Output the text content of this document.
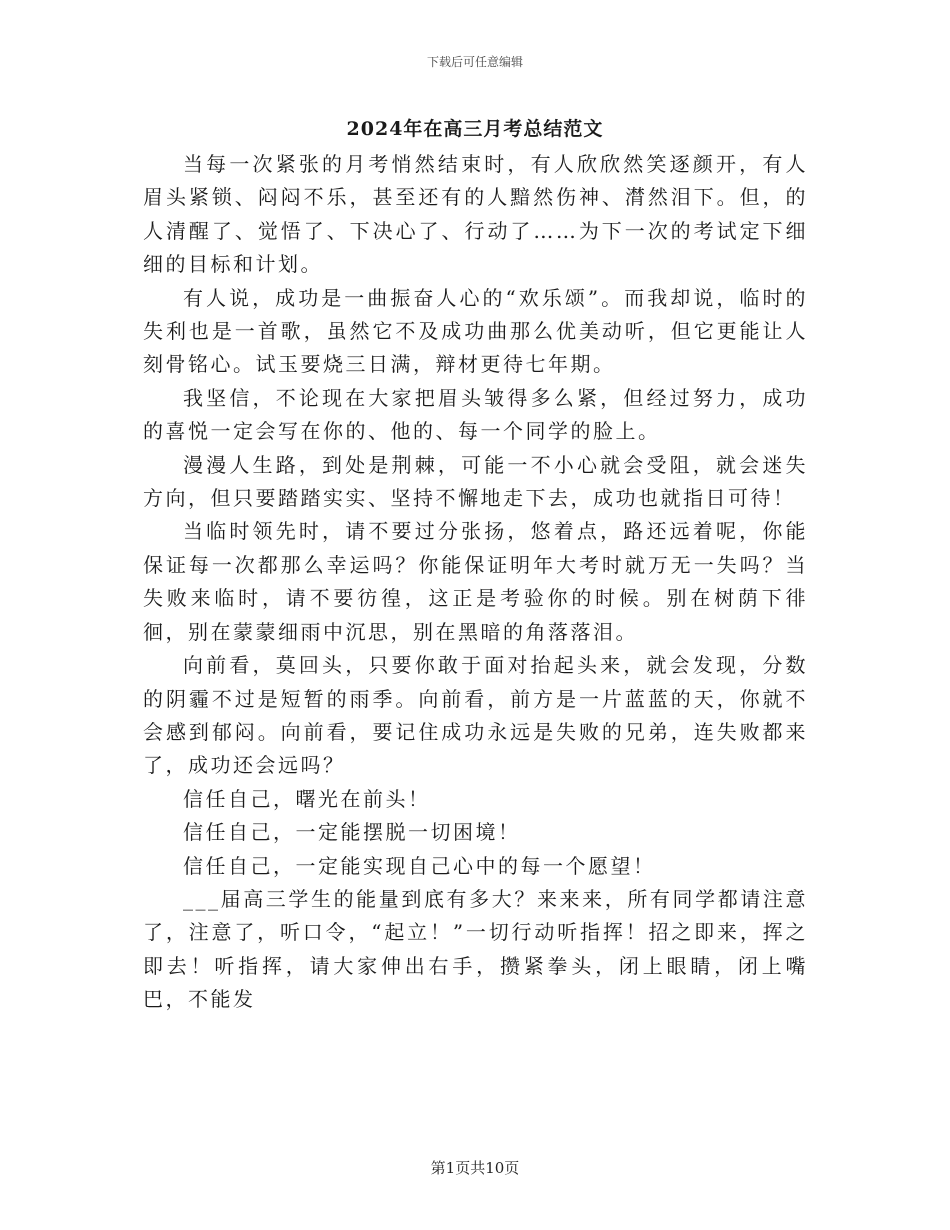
下载后可任意编辑
2024年在高三月考总结范文

当每一次紧张的月考悄然结束时，有人欣欣然笑逐颜开，有人眉头紧锁、闷闷不乐，甚至还有的人黯然伤神、潸然泪下。但，的人清醒了、觉悟了、下决心了、行动了……为下一次的考试定下细细的目标和计划。

有人说，成功是一曲振奋人心的“欢乐颂”。而我却说，临时的失利也是一首歌，虽然它不及成功曲那么优美动听，但它更能让人刻骨铭心。试玉要烧三日满，辩材更待七年期。

我坚信，不论现在大家把眉头皱得多么紧，但经过努力，成功的喜悦一定会写在你的、他的、每一个同学的脸上。

漫漫人生路，到处是荆棘，可能一不小心就会受阻，就会迷失方向，但只要踏踏实实、坚持不懈地走下去，成功也就指日可待！

当临时领先时，请不要过分张扬，悠着点，路还远着呢，你能保证每一次都那么幸运吗？你能保证明年大考时就万无一失吗？当失败来临时，请不要彷徨，这正是考验你的时候。别在树荫下徘徊，别在蒙蒙细雨中沉思，别在黑暗的角落落泪。

向前看，莫回头，只要你敢于面对抬起头来，就会发现，分数的阴霾不过是短暂的雨季。向前看，前方是一片蓝蓝的天，你就不会感到郁闷。向前看，要记住成功永远是失败的兄弟，连失败都来了，成功还会远吗？

信任自己，曙光在前头！

信任自己，一定能摆脱一切困境！

信任自己，一定能实现自己心中的每一个愿望！

___届高三学生的能量到底有多大？来来来，所有同学都请注意了，注意了，听口令，“起立！”一切行动听指挥！招之即来，挥之即去！听指挥，请大家伸出右手，攒紧拳头，闭上眼睛，闭上嘴巴，不能发

第1页共10页
